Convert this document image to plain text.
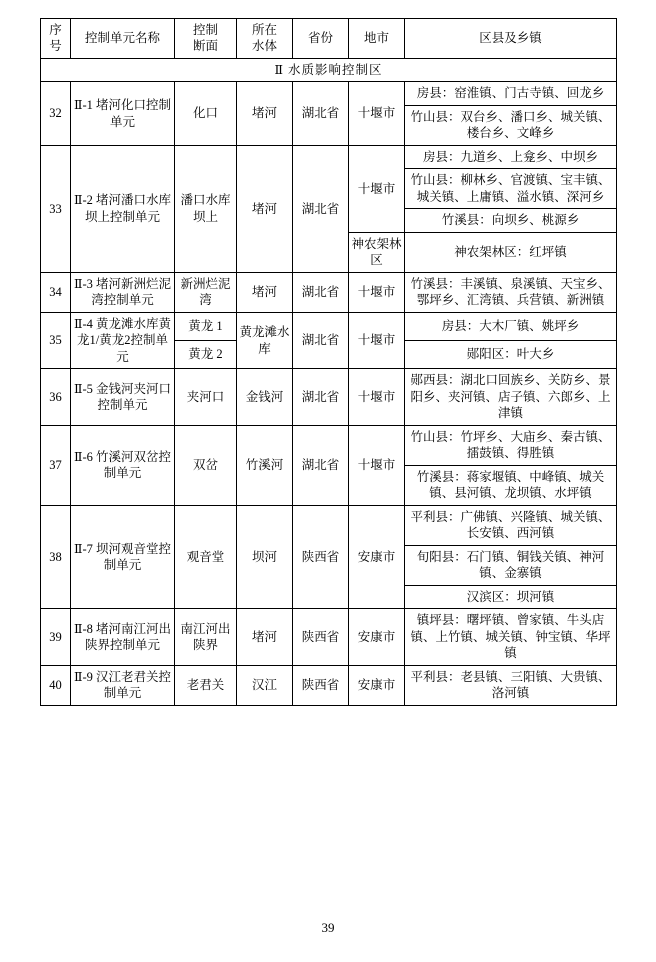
序号	控制单元名称	控制断面	所在水体	省份	地市	区县及乡镇
Ⅱ 水质影响控制区						
32	Ⅱ-1 堵河化口控制单元	化口	堵河	湖北省	十堰市	房县：窑淮镇、门古寺镇、回龙乡
						竹山县：双台乡、潘口乡、城关镇、楼台乡、文峰乡
33	Ⅱ-2 堵河潘口水库坝上控制单元	潘口水库坝上	堵河	湖北省	十堰市	房县：九道乡、上龛乡、中坝乡
						竹山县：柳林乡、官渡镇、宝丰镇、城关镇、上庸镇、溢水镇、深河乡
						竹溪县：向坝乡、桃源乡
					神农架林区	神农架林区：红坪镇
34	Ⅱ-3 堵河新洲烂泥湾控制单元	新洲烂泥湾	堵河	湖北省	十堰市	竹溪县：丰溪镇、泉溪镇、天宝乡、鄂坪乡、汇湾镇、兵营镇、新洲镇
35	Ⅱ-4 黄龙滩水库黄龙1/黄龙2控制单元	黄龙 1	黄龙滩水库	湖北省	十堰市	房县：大木厂镇、姚坪乡
		黄龙 2				郧阳区：叶大乡
36	Ⅱ-5 金钱河夹河口控制单元	夹河口	金钱河	湖北省	十堰市	郧西县：湖北口回族乡、关防乡、景阳乡、夹河镇、店子镇、六郎乡、上津镇
37	Ⅱ-6 竹溪河双岔控制单元	双岔	竹溪河	湖北省	十堰市	竹山县：竹坪乡、大庙乡、秦古镇、擂鼓镇、得胜镇
						竹溪县：蒋家堰镇、中峰镇、城关镇、县河镇、龙坝镇、水坪镇
38	Ⅱ-7 坝河观音堂控制单元	观音堂	坝河	陕西省	安康市	平利县：广佛镇、兴隆镇、城关镇、长安镇、西河镇
						旬阳县：石门镇、铜钱关镇、神河镇、金寨镇
						汉滨区：坝河镇
39	Ⅱ-8 堵河南江河出陕界控制单元	南江河出陕界	堵河	陕西省	安康市	镇坪县：曙坪镇、曾家镇、牛头店镇、上竹镇、城关镇、钟宝镇、华坪镇
40	Ⅱ-9 汉江老君关控制单元	老君关	汉江	陕西省	安康市	平利县：老县镇、三阳镇、大贵镇、洛河镇
39
